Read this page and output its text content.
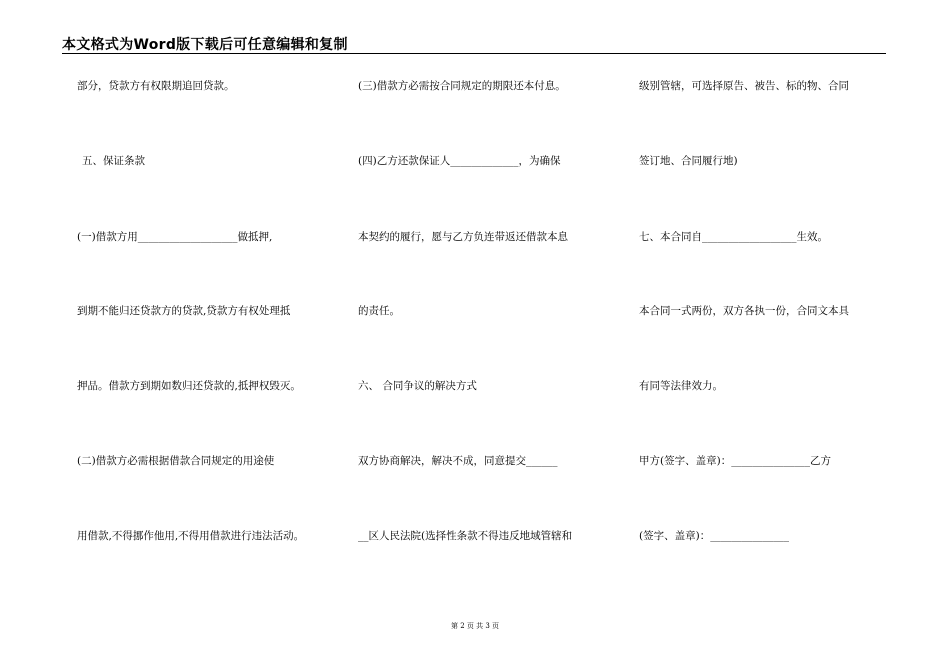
本文格式为Word版下载后可任意编辑和复制
部分，贷款方有权限期追回贷款。
五、保证条款
(一)借款方用___________________做抵押,
到期不能归还贷款方的贷款,贷款方有权处理抵
押品。借款方到期如数归还贷款的,抵押权毁灭。
(二)借款方必需根据借款合同规定的用途使
用借款,不得挪作他用,不得用借款进行违法活动。
(三)借款方必需按合同规定的期限还本付息。
(四)乙方还款保证人_____________，为确保
本契约的履行，愿与乙方负连带返还借款本息
的责任。
六、 合同争议的解决方式
双方协商解决，解决不成，同意提交______
__区人民法院(选择性条款不得违反地域管辖和
级别管辖，可选择原告、被告、标的物、合同
签订地、合同履行地)
七、本合同自__________________生效。
本合同一式两份，双方各执一份，合同文本具
有同等法律效力。
甲方(签字、盖章)：_______________乙方
(签字、盖章)：_______________
第 2 页 共 3 页
